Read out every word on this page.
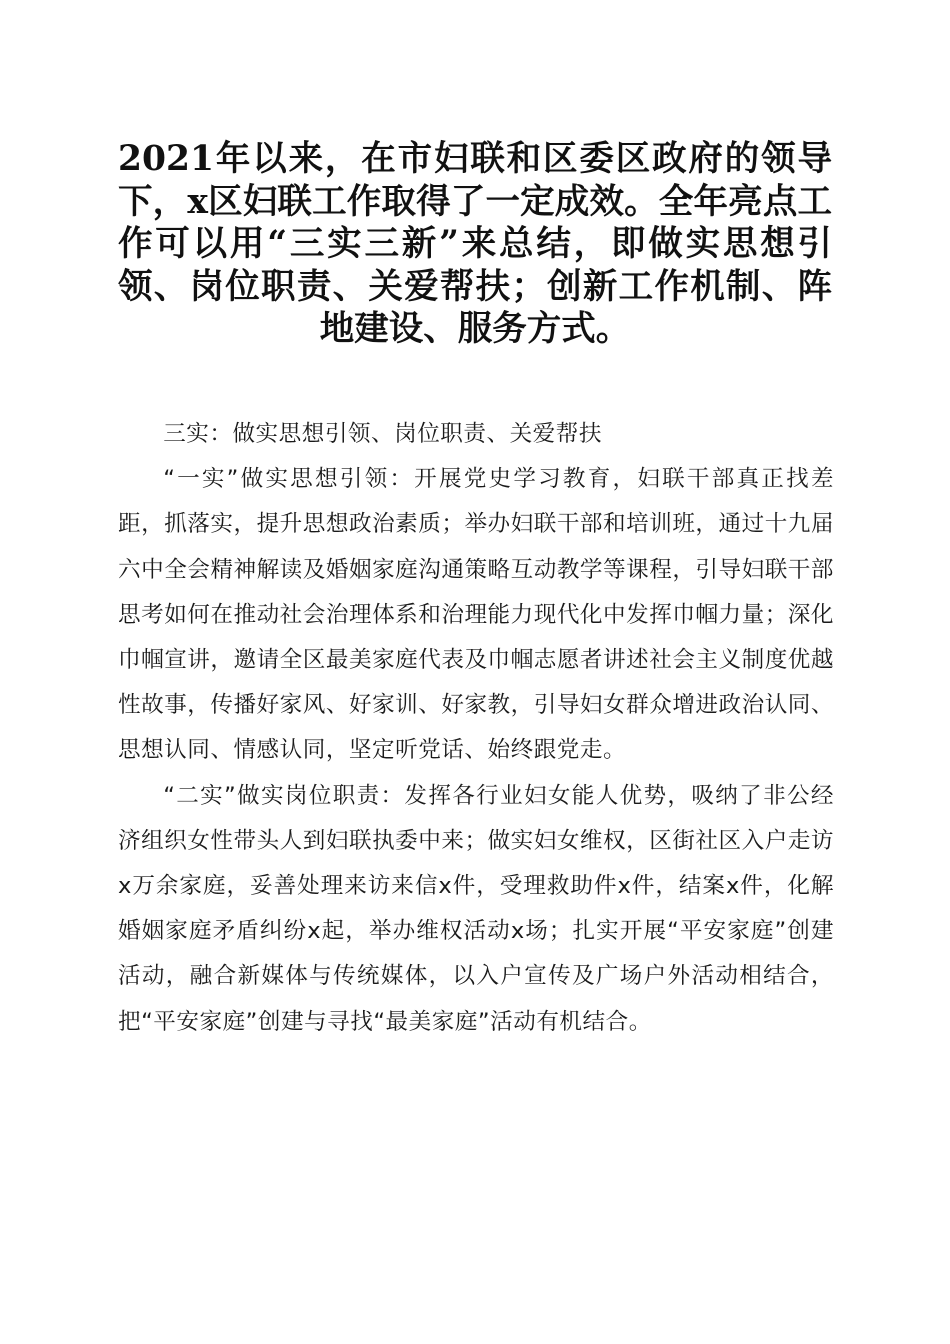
2021年以来，在市妇联和区委区政府的领导下，x区妇联工作取得了一定成效。全年亮点工作可以用“三实三新”来总结，即做实思想引领、岗位职责、关爱帮扶；创新工作机制、阵地建设、服务方式。

三实：做实思想引领、岗位职责、关爱帮扶

“一实”做实思想引领：开展党史学习教育，妇联干部真正找差距，抓落实，提升思想政治素质；举办妇联干部和培训班，通过十九届六中全会精神解读及婚姻家庭沟通策略互动教学等课程，引导妇联干部思考如何在推动社会治理体系和治理能力现代化中发挥巾帼力量；深化巾帼宣讲，邀请全区最美家庭代表及巾帼志愿者讲述社会主义制度优越性故事，传播好家风、好家训、好家教，引导妇女群众增进政治认同、思想认同、情感认同，坚定听党话、始终跟党走。

“二实”做实岗位职责：发挥各行业妇女能人优势，吸纳了非公经济组织女性带头人到妇联执委中来；做实妇女维权，区街社区入户走访x万余家庭，妥善处理来访来信x件，受理救助件x件，结案x件，化解婚姻家庭矛盾纠纷x起，举办维权活动x场；扎实开展“平安家庭”创建活动，融合新媒体与传统媒体，以入户宣传及广场户外活动相结合，把“平安家庭”创建与寻找“最美家庭”活动有机结合。
